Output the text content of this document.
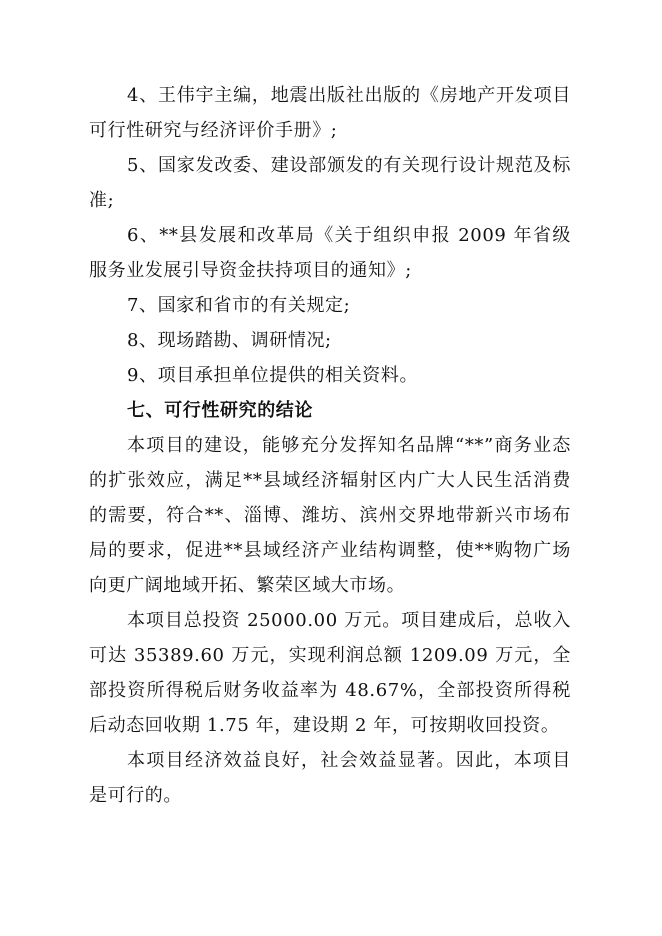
4、王伟宇主编，地震出版社出版的《房地产开发项目可行性研究与经济评价手册》;

5、国家发改委、建设部颁发的有关现行设计规范及标准;

6、**县发展和改革局《关于组织申报 2009 年省级服务业发展引导资金扶持项目的通知》;

7、国家和省市的有关规定;

8、现场踏勘、调研情况;

9、项目承担单位提供的相关资料。

七、可行性研究的结论

本项目的建设，能够充分发挥知名品牌“**”商务业态的扩张效应，满足**县域经济辐射区内广大人民生活消费的需要，符合**、淄博、潍坊、滨州交界地带新兴市场布局的要求，促进**县域经济产业结构调整，使**购物广场向更广阔地域开拓、繁荣区域大市场。

本项目总投资 25000.00 万元。项目建成后，总收入可达 35389.60 万元，实现利润总额 1209.09 万元，全部投资所得税后财务收益率为 48.67%，全部投资所得税后动态回收期 1.75 年，建设期 2 年，可按期收回投资。

本项目经济效益良好，社会效益显著。因此，本项目是可行的。
